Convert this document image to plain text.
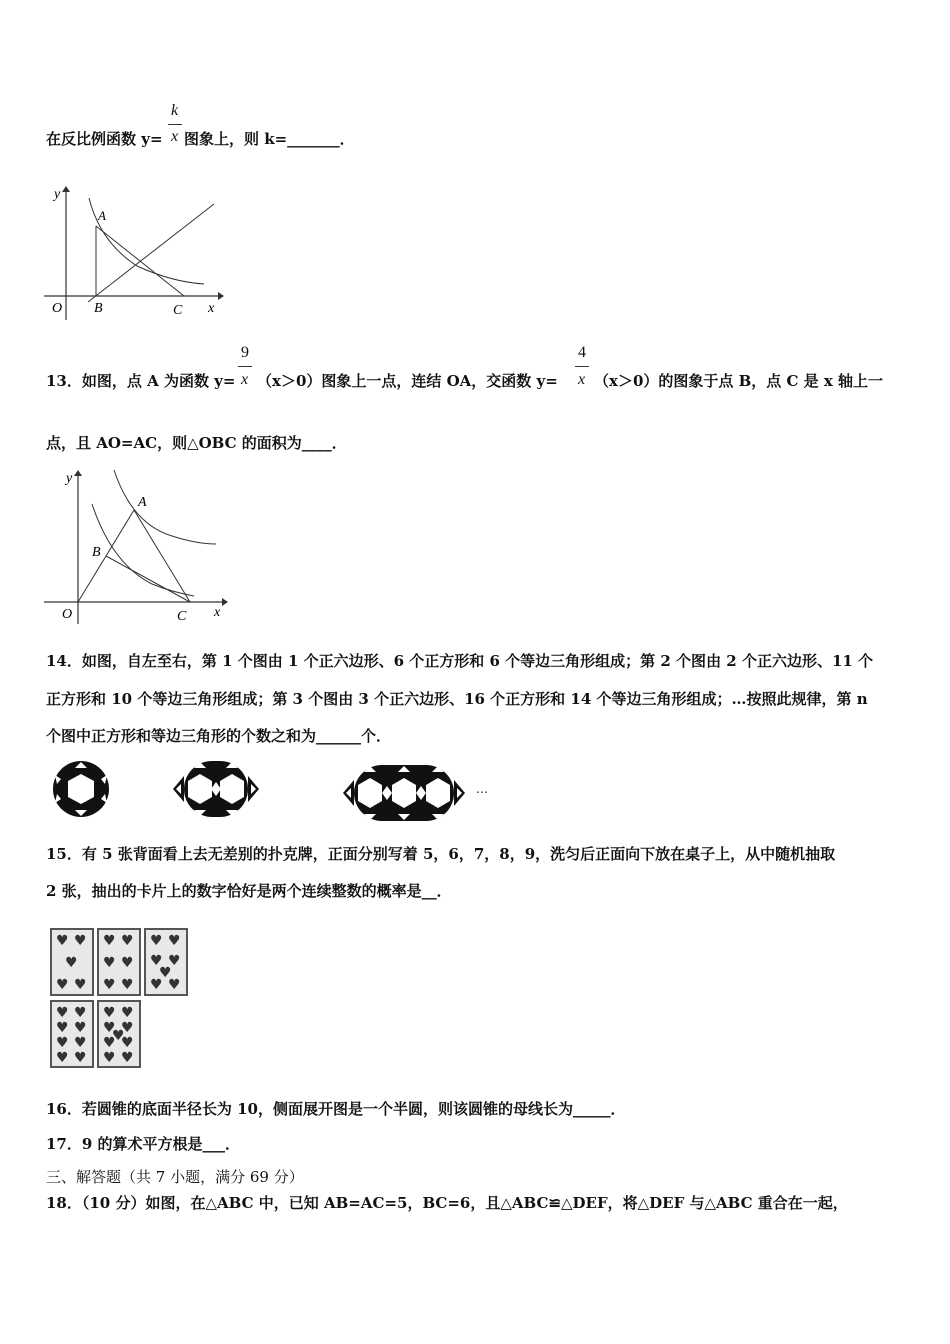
k
x
在反比例函数 y= 图象上，则 k=_______．
y
A
O B	C x
9
x
4
x
13．如图，点 A 为函数 y= （x＞0）图象上一点，连结 OA，交函数 y= （x＞0）的图象于点 B，点 C 是 x 轴上一
点，且 AO=AC，则△OBC 的面积为____．
y
A
B
O	C x
14．如图，自左至右，第 1 个图由 1 个正六边形、6 个正方形和 6 个等边三角形组成；第 2 个图由 2 个正六边形、11 个
正方形和 10 个等边三角形组成；第 3 个图由 3 个正六边形、16 个正方形和 14 个等边三角形组成；…按照此规律，第 n
个图中正方形和等边三角形的个数之和为______个．
…
15．有 5 张背面看上去无差别的扑克牌，正面分别写着 5，6，7，8，9，洗匀后正面向下放在桌子上，从中随机抽取
2 张，抽出的卡片上的数字恰好是两个连续整数的概率是__．
♥ ♥
♥
♥ ♥
♥ ♥
♥ ♥
♥ ♥
♥ ♥
♥ ♥
♥
♥ ♥
♥ ♥
♥ ♥
♥ ♥
♥ ♥
♥ ♥
♥ ♥
♥
♥ ♥
♥ ♥
16．若圆锥的底面半径长为 10，侧面展开图是一个半圆，则该圆锥的母线长为_____．
17．9 的算术平方根是___．
三、解答题（共 7 小题，满分 69 分）
18．（10 分）如图，在△ABC 中，已知 AB=AC=5，BC=6，且△ABC≌△DEF，将△DEF 与△ABC 重合在一起，
